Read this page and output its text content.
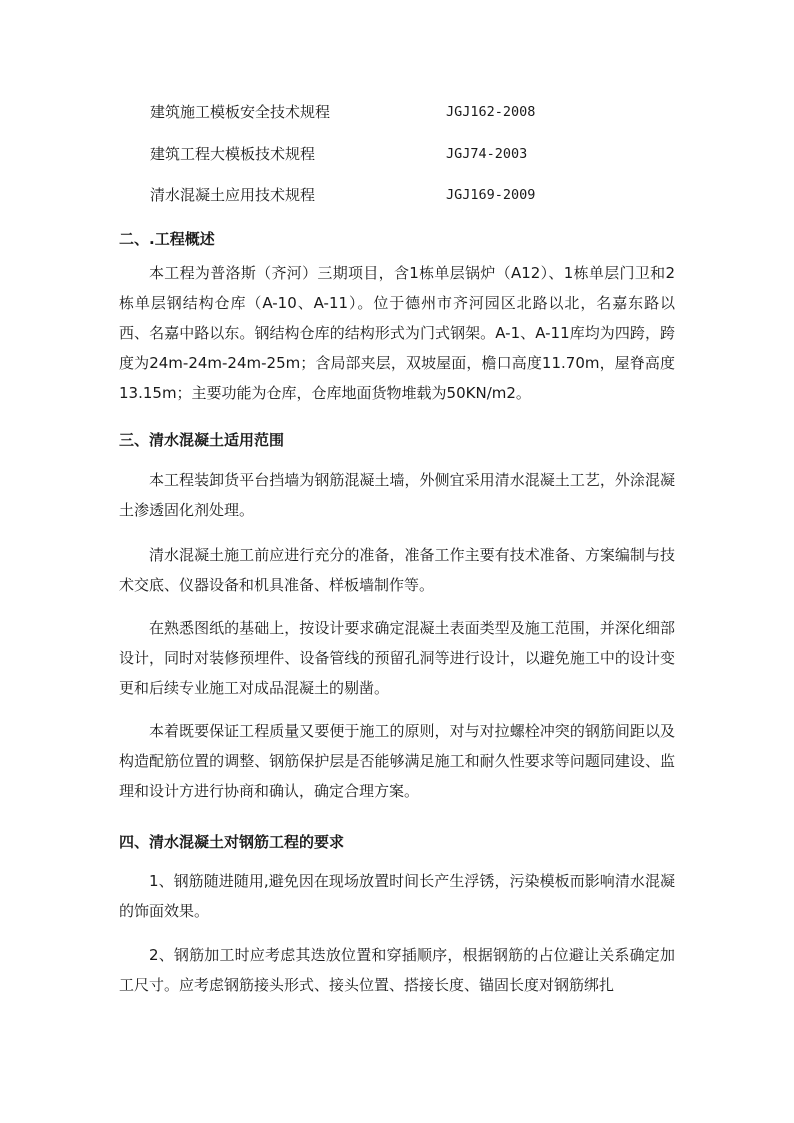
建筑施工模板安全技术规程	JGJ162-2008
建筑工程大模板技术规程	JGJ74-2003
清水混凝土应用技术规程	JGJ169-2009
二、.工程概述

本工程为普洛斯（齐河）三期项目，含1栋单层锅炉（A12）、1栋单层门卫和2栋单层钢结构仓库（A-10、A-11）。位于德州市齐河园区北路以北，名嘉东路以西、名嘉中路以东。钢结构仓库的结构形式为门式钢架。A-1、A-11库均为四跨，跨度为24m-24m-24m-25m；含局部夹层，双坡屋面，檐口高度11.70m，屋脊高度13.15m；主要功能为仓库，仓库地面货物堆载为50KN/m2。

三、清水混凝土适用范围

本工程装卸货平台挡墙为钢筋混凝土墙，外侧宜采用清水混凝土工艺，外涂混凝土渗透固化剂处理。

清水混凝土施工前应进行充分的准备，准备工作主要有技术准备、方案编制与技术交底、仪器设备和机具准备、样板墙制作等。

在熟悉图纸的基础上，按设计要求确定混凝土表面类型及施工范围，并深化细部设计，同时对装修预埋件、设备管线的预留孔洞等进行设计，以避免施工中的设计变更和后续专业施工对成品混凝土的剔凿。

本着既要保证工程质量又要便于施工的原则，对与对拉螺栓冲突的钢筋间距以及构造配筋位置的调整、钢筋保护层是否能够满足施工和耐久性要求等问题同建设、监理和设计方进行协商和确认，确定合理方案。

四、清水混凝土对钢筋工程的要求

1、钢筋随进随用,避免因在现场放置时间长产生浮锈，污染模板而影响清水混凝的饰面效果。

2、钢筋加工时应考虑其迭放位置和穿插顺序，根据钢筋的占位避让关系确定加工尺寸。应考虑钢筋接头形式、接头位置、搭接长度、锚固长度对钢筋绑扎
